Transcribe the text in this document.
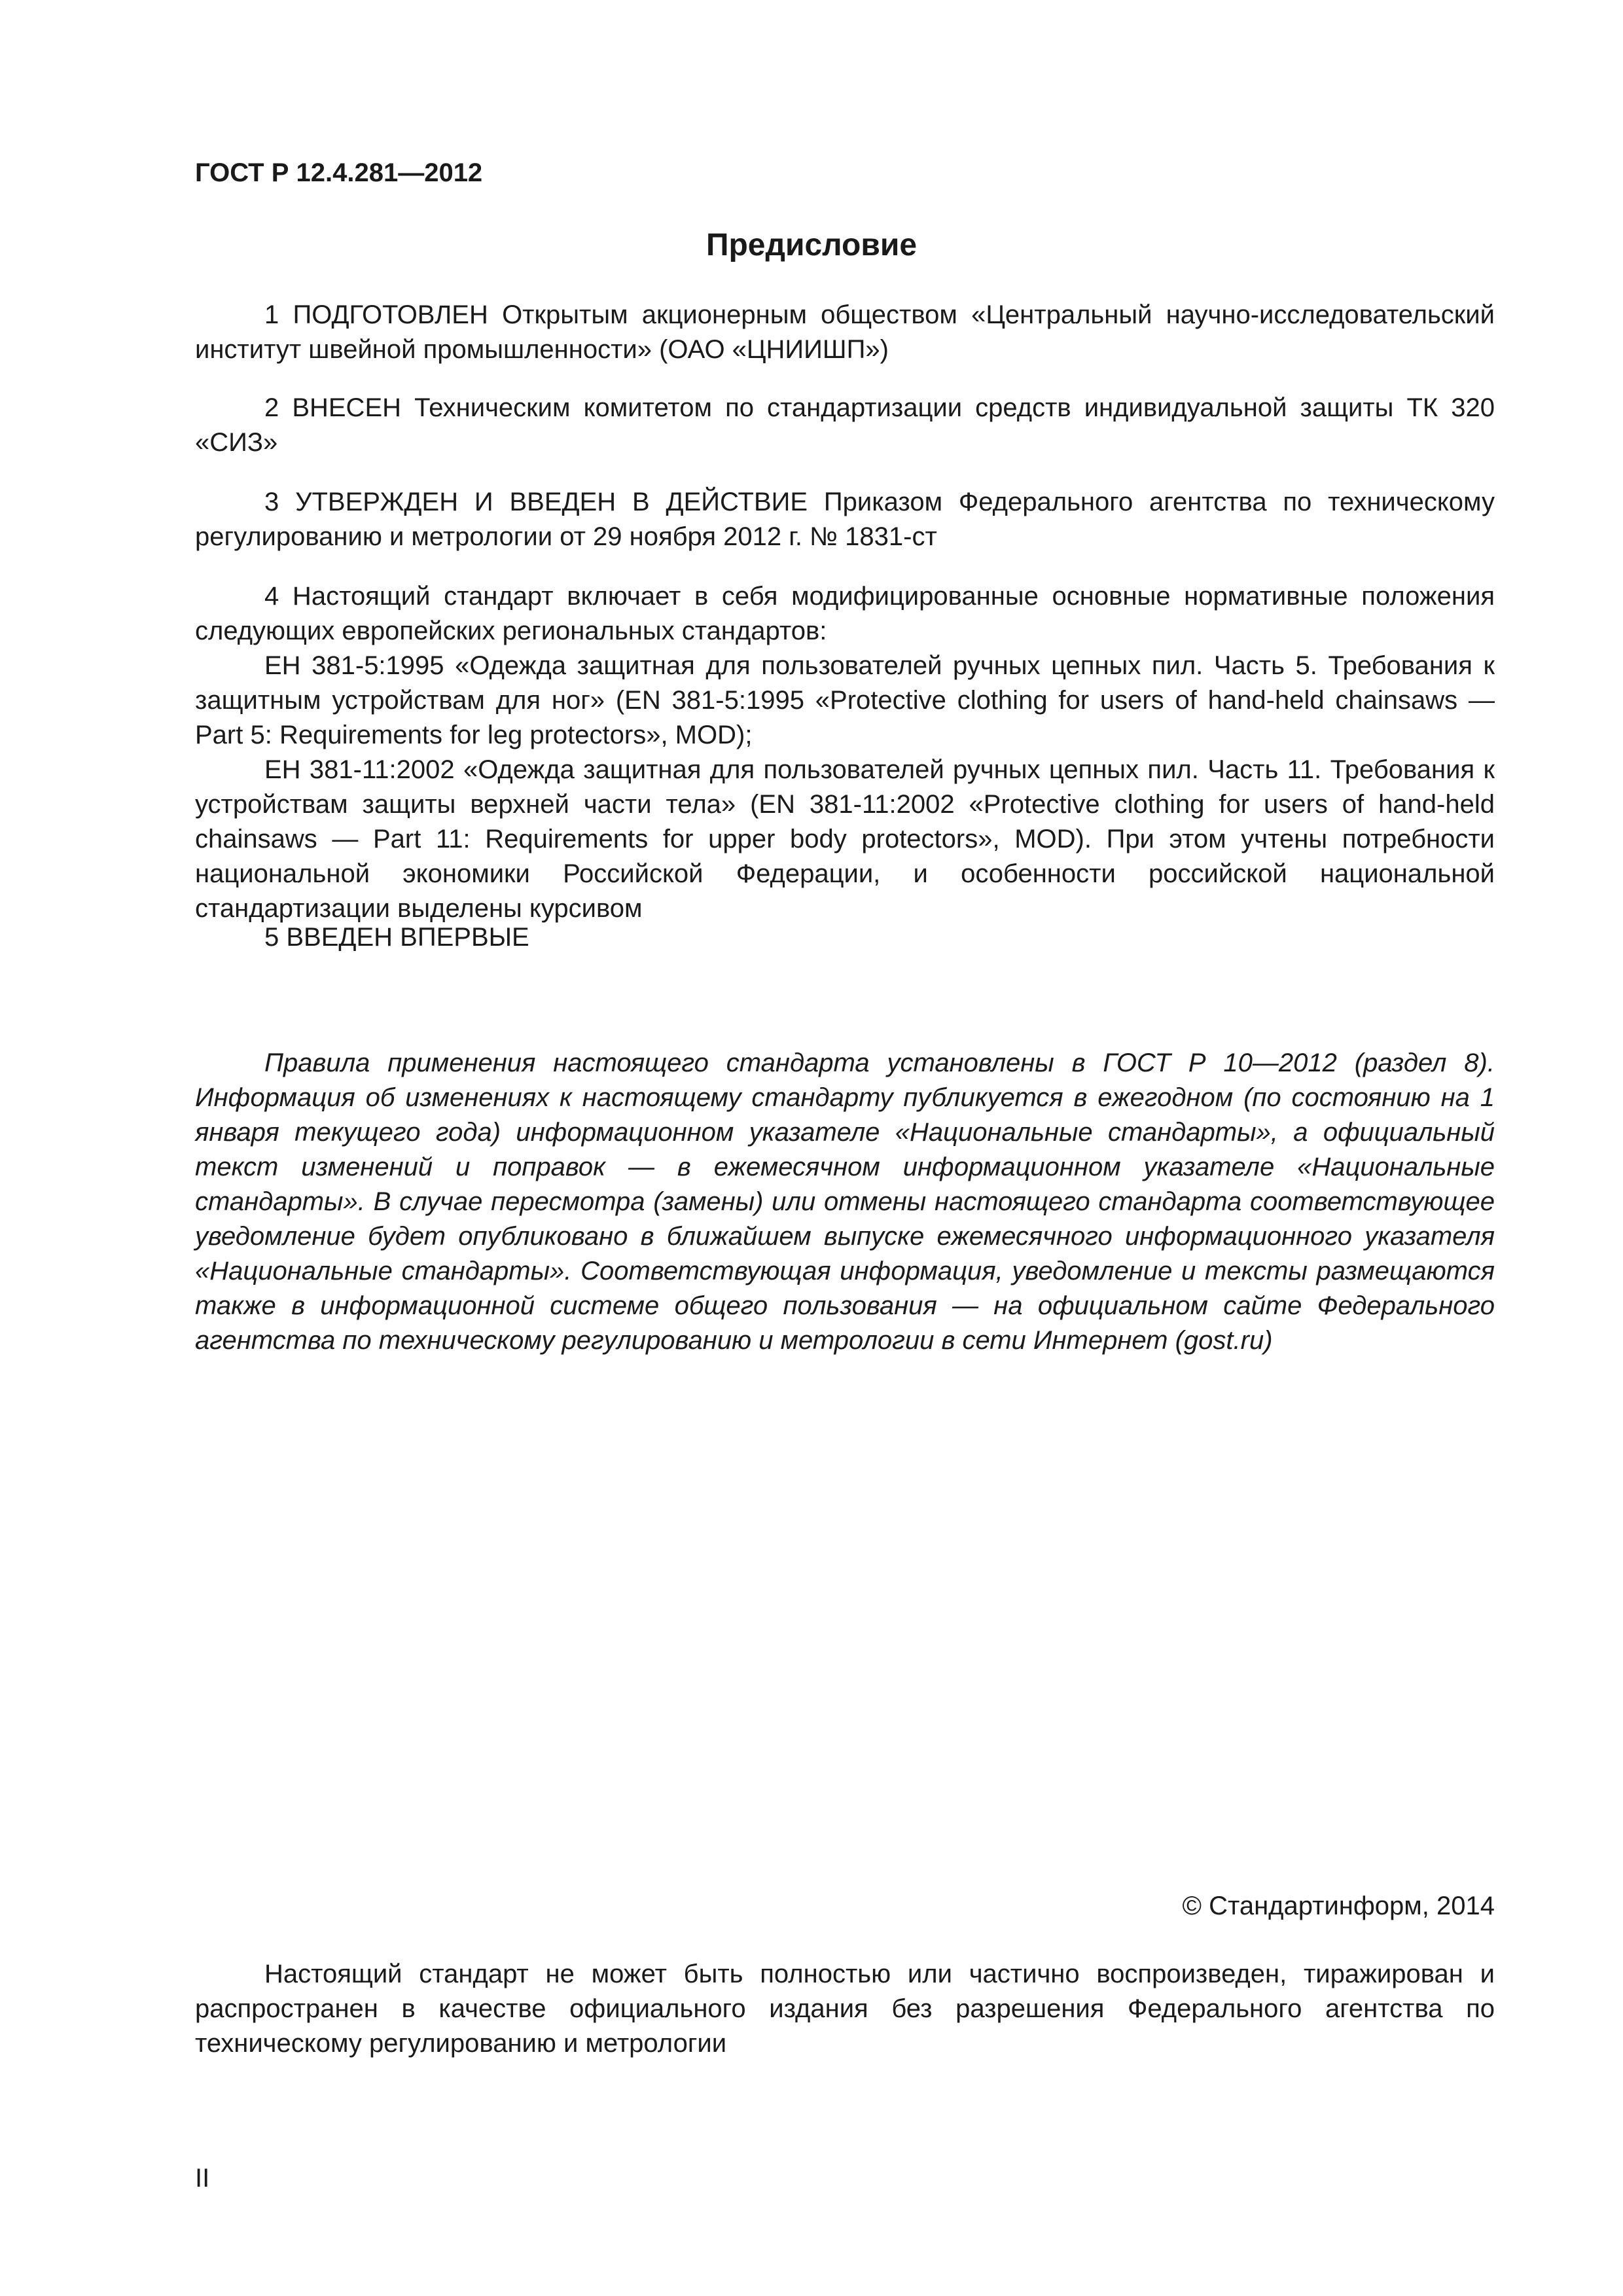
ГОСТ Р 12.4.281—2012

Предисловие

1 ПОДГОТОВЛЕН Открытым акционерным обществом «Центральный научно-исследовательский институт швейной промышленности» (ОАО «ЦНИИШП»)

2 ВНЕСЕН Техническим комитетом по стандартизации средств индивидуальной защиты ТК 320 «СИЗ»

3 УТВЕРЖДЕН И ВВЕДЕН В ДЕЙСТВИЕ Приказом Федерального агентства по техническому регулированию и метрологии от 29 ноября 2012 г. № 1831-ст

4 Настоящий стандарт включает в себя модифицированные основные нормативные положения следующих европейских региональных стандартов:
ЕН 381-5:1995 «Одежда защитная для пользователей ручных цепных пил. Часть 5. Требования к защитным устройствам для ног» (EN 381-5:1995 «Protective clothing for users of hand-held chainsaws — Part 5: Requirements for leg protectors», MOD);
ЕН 381-11:2002 «Одежда защитная для пользователей ручных цепных пил. Часть 11. Требования к устройствам защиты верхней части тела» (EN 381-11:2002 «Protective clothing for users of hand-held chainsaws — Part 11: Requirements for upper body protectors», MOD). При этом учтены потребности национальной экономики Российской Федерации, и особенности российской национальной стандартизации выделены курсивом

5 ВВЕДЕН ВПЕРВЫЕ

Правила применения настоящего стандарта установлены в ГОСТ Р 10—2012 (раздел 8). Информация об изменениях к настоящему стандарту публикуется в ежегодном (по состоянию на 1 января текущего года) информационном указателе «Национальные стандарты», а официальный текст изменений и поправок — в ежемесячном информационном указателе «Национальные стандарты». В случае пересмотра (замены) или отмены настоящего стандарта соответствующее уведомление будет опубликовано в ближайшем выпуске ежемесячного информационного указателя «Национальные стандарты». Соответствующая информация, уведомление и тексты размещаются также в информационной системе общего пользования — на официальном сайте Федерального агентства по техническому регулированию и метрологии в сети Интернет (gost.ru)

© Стандартинформ, 2014

Настоящий стандарт не может быть полностью или частично воспроизведен, тиражирован и распространен в качестве официального издания без разрешения Федерального агентства по техническому регулированию и метрологии

II
